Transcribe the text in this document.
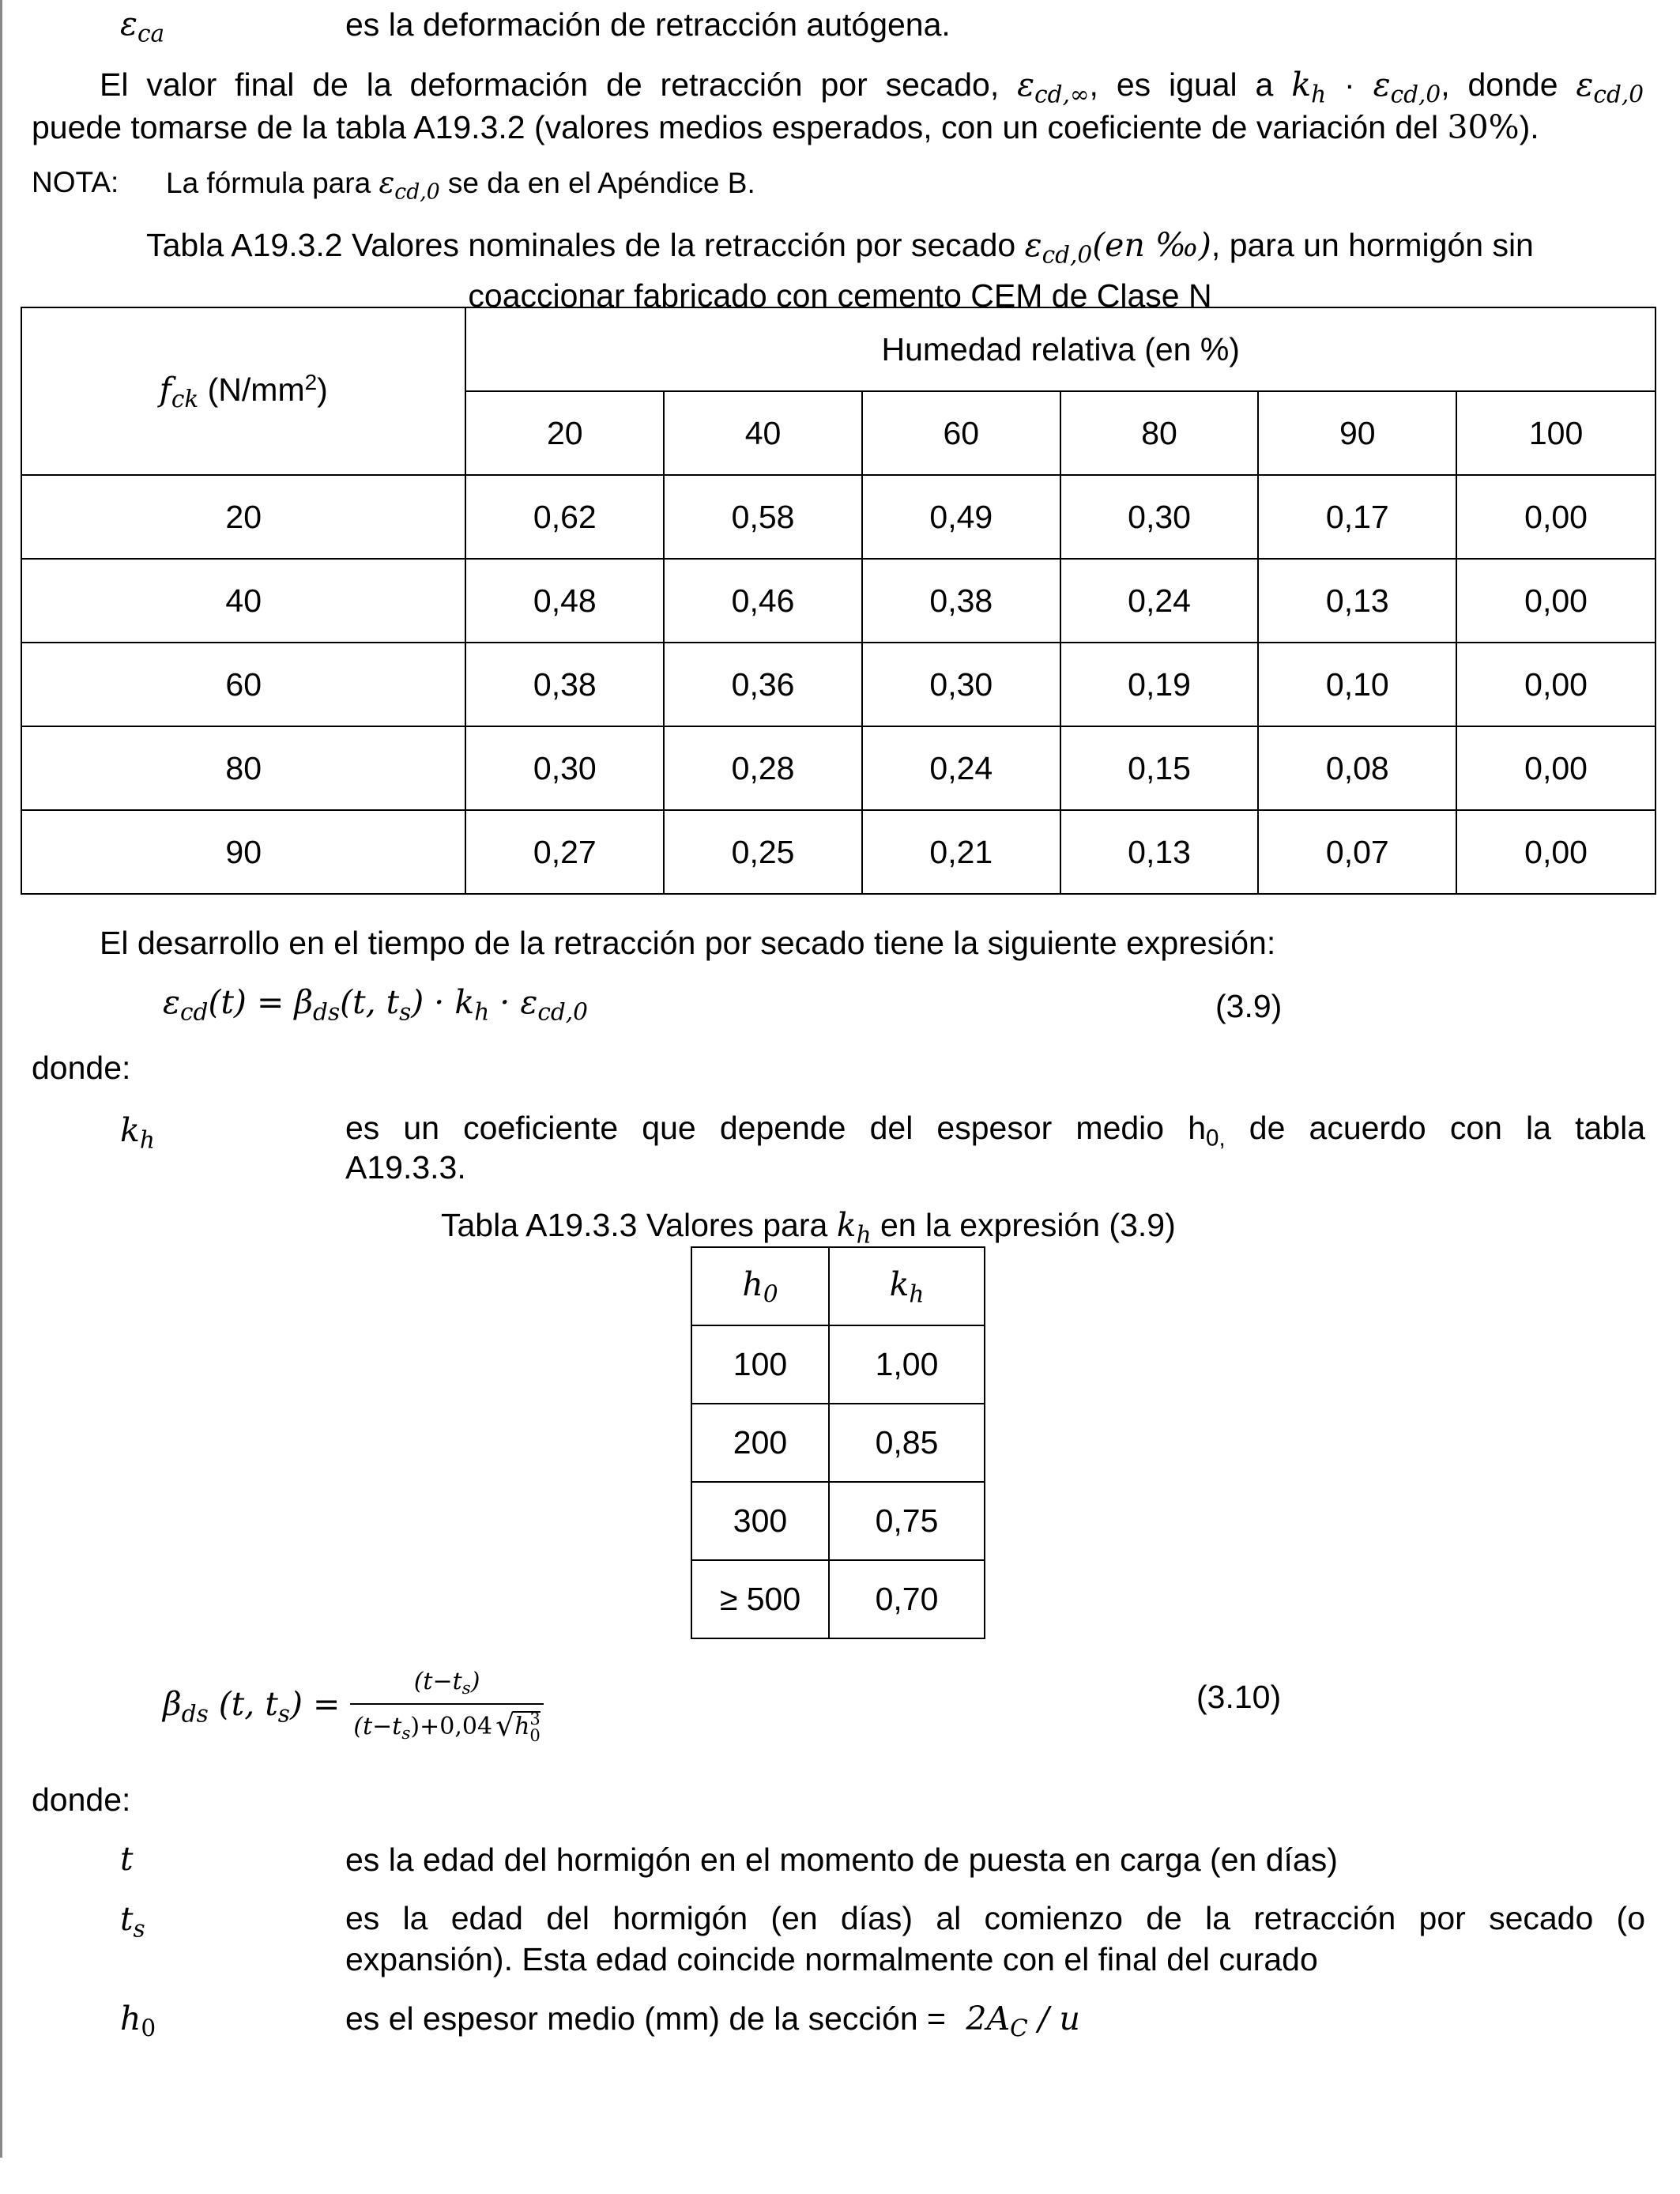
$\varepsilon_{ca}$	es la deformación de retracción autógena.
El valor final de la deformación de retracción por secado, $\varepsilon_{cd,\infty}$, es igual a $k_h \cdot \varepsilon_{cd,0}$, donde $\varepsilon_{cd,0}$
puede tomarse de la tabla A19.3.2 (valores medios esperados, con un coeficiente de variación del 30%).
NOTA: La fórmula para $\varepsilon_{cd,0}$ se da en el Apéndice B.
Tabla A19.3.2 Valores nominales de la retracción por secado $\varepsilon_{cd,0}(en$ ‰), para un hormigón sin
coaccionar fabricado con cemento CEM de Clase N
$f_{ck}$ $(N/mm^2)$	Humedad relativa (en %)					
	20	40	60	80	90	100
20	0,62	0,58	0,49	0,30	0,17	0,00
40	0,48	0,46	0,38	0,24	0,13	0,00
60	0,38	0,36	0,30	0,19	0,10	0,00
80	0,30	0,28	0,24	0,15	0,08	0,00
90	0,27	0,25	0,21	0,13	0,07	0,00
El desarrollo en el tiempo de la retracción por secado tiene la siguiente expresión:
$\varepsilon_{cd}(t) = \beta_{ds}(t$, $t_s) \cdot k_h \cdot \varepsilon_{cd,0}$	(3.9)
donde:
$k_h$	es un coeficiente que depende del espesor medio $h_{0,}$ de acuerdo con la tabla
A19.3.3.
Tabla A19.3.3 Valores para $k_h$ en la expresión (3.9)
$h_0$	$k_h$
100	1,00
200	0,85
300	0,75
≥ 500	0,70
$\beta_{ds}$ (t, $t_s) = (t-t_s)$
$(t-t_s)+0,04$ √ h 3
0	(3.10)
donde:
t	es la edad del hormigón en el momento de puesta en carga (en días)
$t_s$	es la edad del hormigón (en días) al comienzo de la retracción por secado (o
expansión). Esta edad coincide normalmente con el final del curado
$h_0$	es el espesor medio (mm) de la sección = $2A_C$ / u
